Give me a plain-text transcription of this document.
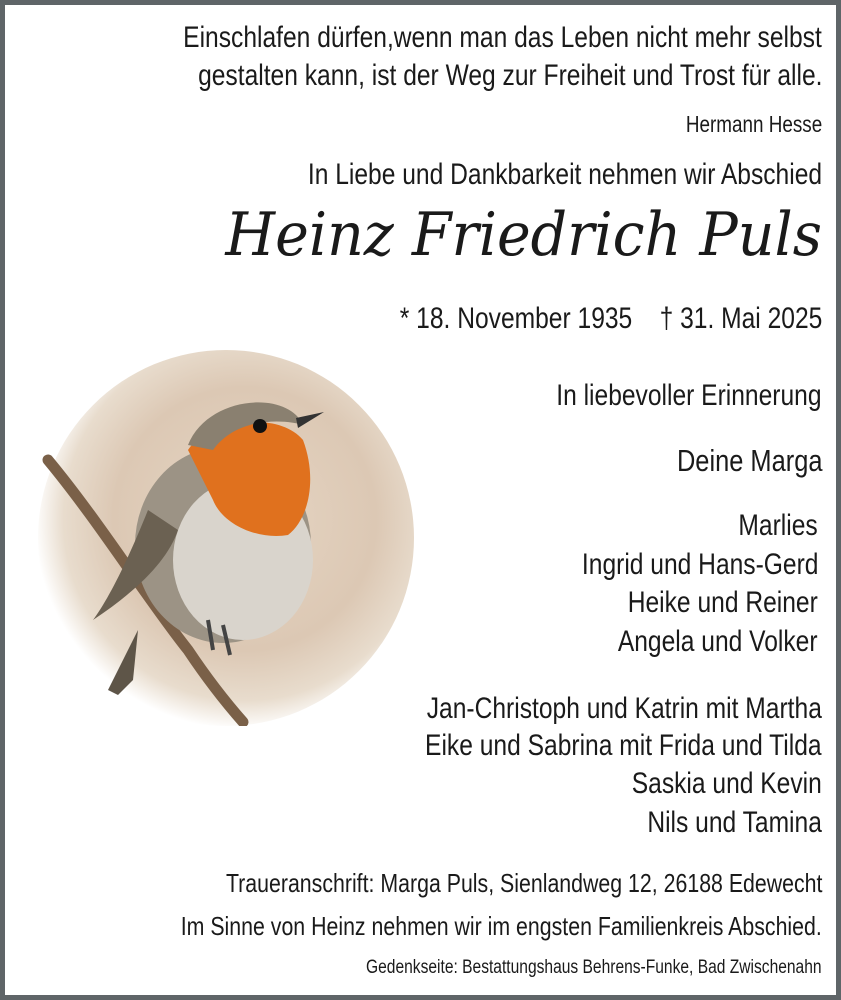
Einschlafen dürfen,wenn man das Leben nicht mehr selbst
gestalten kann, ist der Weg zur Freiheit und Trost für alle.
Hermann Hesse
In Liebe und Dankbarkeit nehmen wir Abschied
Heinz Friedrich Puls
* 18. November 1935 † 31. Mai 2025
In liebevoller Erinnerung
Deine Marga
Marlies
Ingrid und Hans-Gerd
Heike und Reiner
Angela und Volker
Jan-Christoph und Katrin mit Martha
Eike und Sabrina mit Frida und Tilda
Saskia und Kevin
Nils und Tamina
Traueranschrift: Marga Puls, Sienlandweg 12, 26188 Edewecht
Im Sinne von Heinz nehmen wir im engsten Familienkreis Abschied.
Gedenkseite: Bestattungshaus Behrens-Funke, Bad Zwischenahn
